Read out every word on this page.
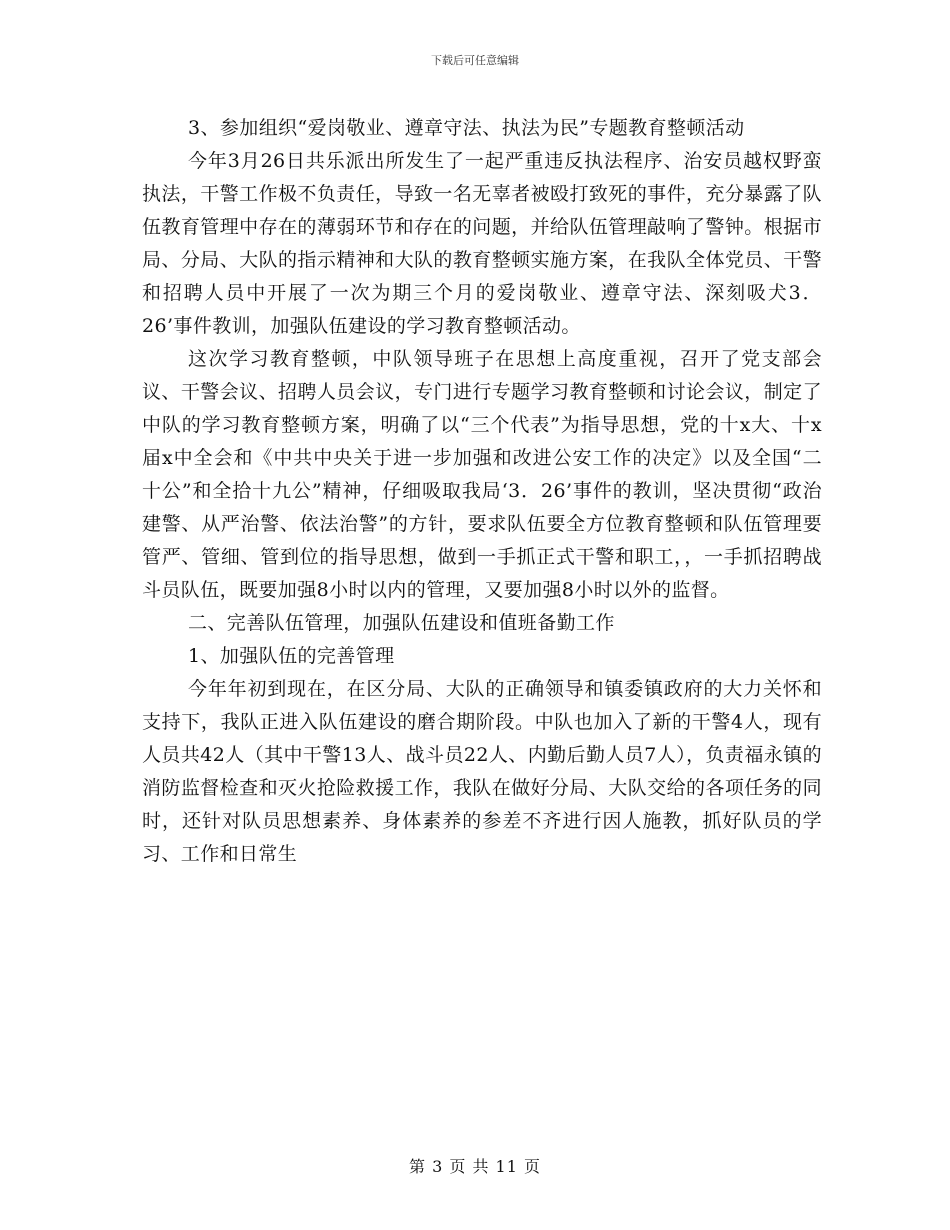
下载后可任意编辑

3、参加组织“爱岗敬业、遵章守法、执法为民”专题教育整顿活动

今年3月26日共乐派出所发生了一起严重违反执法程序、治安员越权野蛮执法，干警工作极不负责任，导致一名无辜者被殴打致死的事件，充分暴露了队伍教育管理中存在的薄弱环节和存在的问题，并给队伍管理敲响了警钟。根据市局、分局、大队的指示精神和大队的教育整顿实施方案，在我队全体党员、干警和招聘人员中开展了一次为期三个月的爱岗敬业、遵章守法、深刻吸犬3．26’事件教训，加强队伍建设的学习教育整顿活动。

这次学习教育整顿，中队领导班子在思想上高度重视，召开了党支部会议、干警会议、招聘人员会议，专门进行专题学习教育整顿和讨论会议，制定了中队的学习教育整顿方案，明确了以“三个代表”为指导思想，党的十x大、十x届x中全会和《中共中央关于进一步加强和改进公安工作的决定》以及全国“二十公”和全拾十九公”精神，仔细吸取我局‘3．26’事件的教训，坚决贯彻“政治建警、从严治警、依法治警”的方针，要求队伍要全方位教育整顿和队伍管理要管严、管细、管到位的指导思想，做到一手抓正式干警和职工，，一手抓招聘战斗员队伍，既要加强8小时以内的管理，又要加强8小时以外的监督。

二、完善队伍管理，加强队伍建设和值班备勤工作

1、加强队伍的完善管理

今年年初到现在，在区分局、大队的正确领导和镇委镇政府的大力关怀和支持下，我队正进入队伍建设的磨合期阶段。中队也加入了新的干警4人，现有人员共42人（其中干警13人、战斗员22人、内勤后勤人员7人），负责福永镇的消防监督检查和灭火抢险救援工作，我队在做好分局、大队交给的各项任务的同时，还针对队员思想素养、身体素养的参差不齐进行因人施教，抓好队员的学习、工作和日常生

第 3 页 共 11 页
